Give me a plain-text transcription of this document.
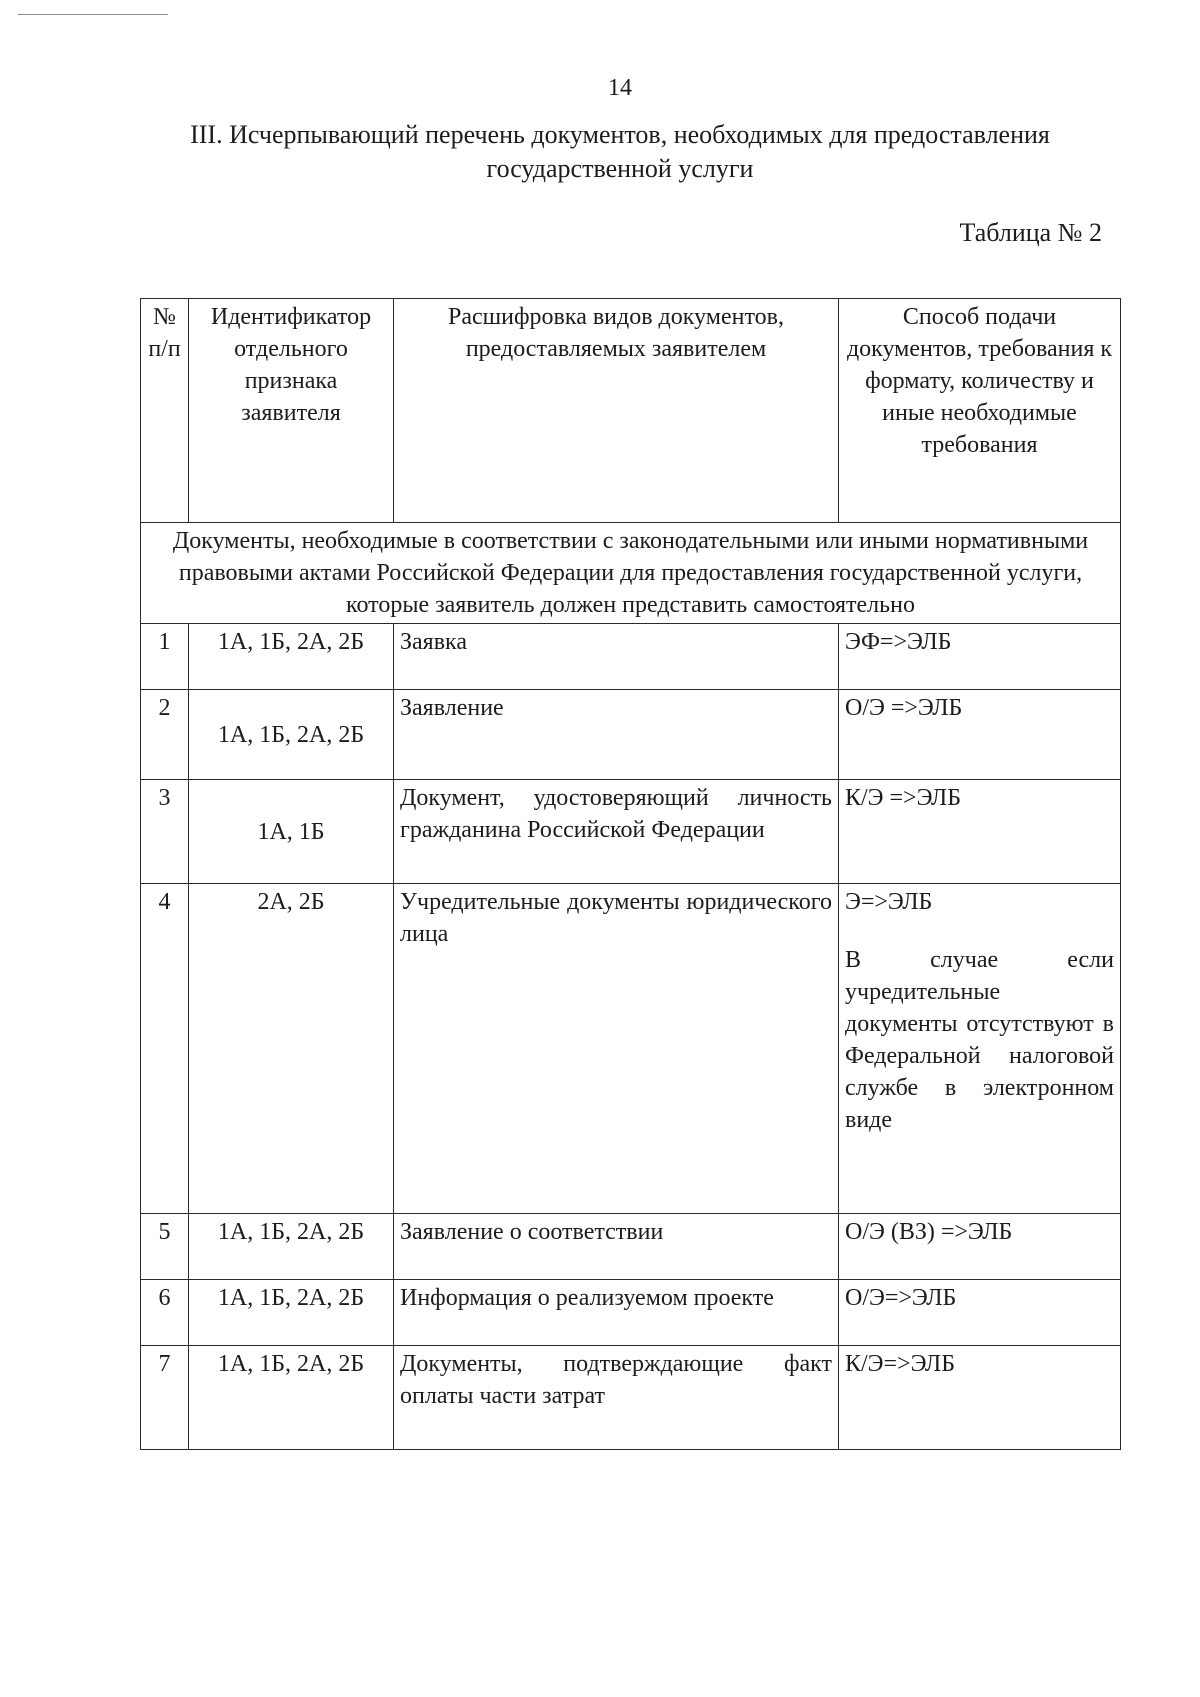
14
III. Исчерпывающий перечень документов, необходимых для предоставления государственной услуги
Таблица № 2
№ п/п	Идентификатор отдельного признака заявителя	Расшифровка видов документов, предоставляемых заявителем	Способ подачи документов, требования к формату, количеству и иные необходимые требования
Документы, необходимые в соответствии с законодательными или иными нормативными правовыми актами Российской Федерации для предоставления государственной услуги, которые заявитель должен представить самостоятельно			
1	1А, 1Б, 2А, 2Б	Заявка	ЭФ=>ЭЛБ
2	1А, 1Б, 2А, 2Б	Заявление	О/Э =>ЭЛБ
3	1А, 1Б	Документ, удостоверяющий личность гражданина Российской Федерации	К/Э =>ЭЛБ
4	2А, 2Б	Учредительные документы юридического лица	Э=>ЭЛБ
В случае если учредительные документы отсутствуют в Федеральной налоговой службе в электронном виде

5	1А, 1Б, 2А, 2Б	Заявление о соответствии	О/Э (ВЗ) =>ЭЛБ
6	1А, 1Б, 2А, 2Б	Информация о реализуемом проекте	О/Э=>ЭЛБ
7	1А, 1Б, 2А, 2Б	Документы, подтверждающие факт оплаты части затрат	К/Э=>ЭЛБ
